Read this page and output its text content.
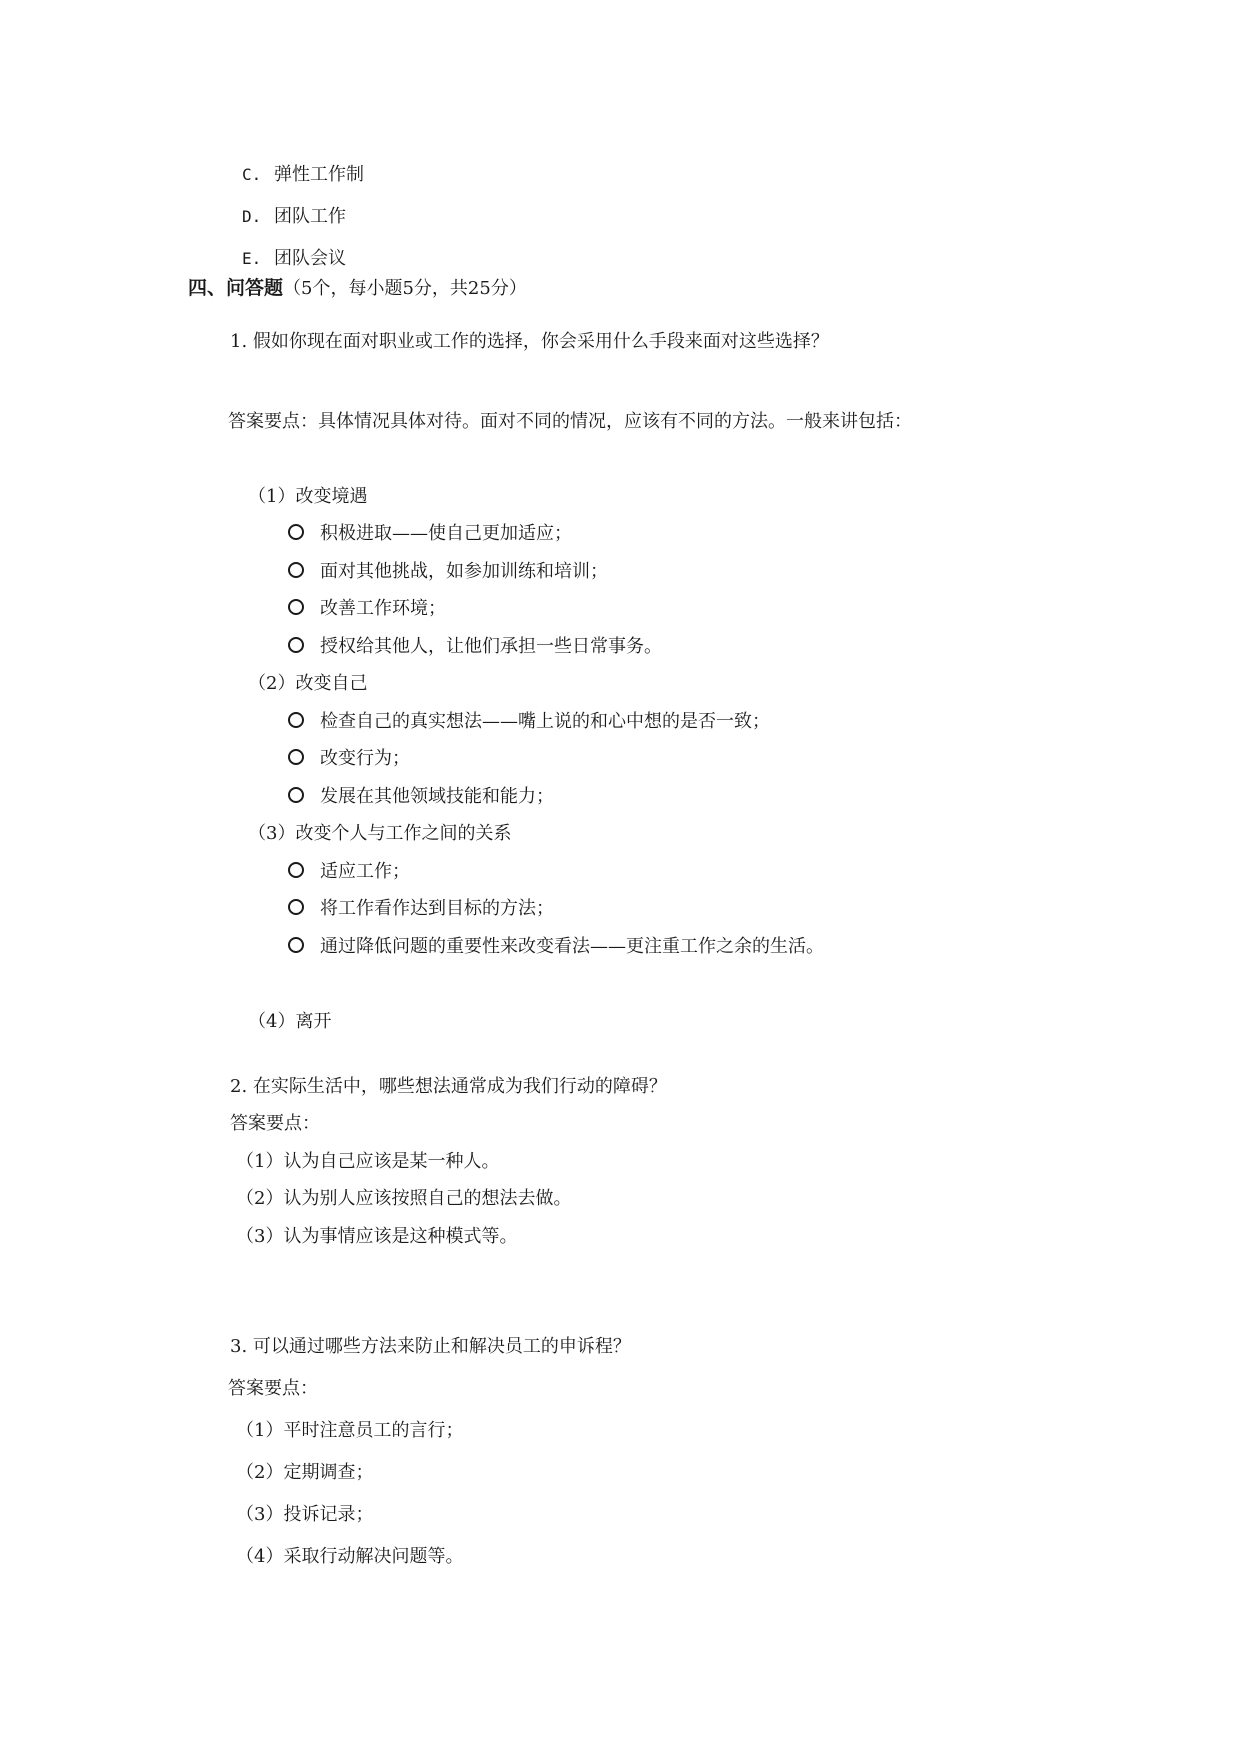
C. 弹性工作制
D. 团队工作
E. 团队会议
四、问答题（5个，每小题5分，共25分）
1. 假如你现在面对职业或工作的选择，你会采用什么手段来面对这些选择？
答案要点：具体情况具体对待。面对不同的情况，应该有不同的方法。一般来讲包括：
（1）改变境遇
积极进取——使自己更加适应；
面对其他挑战，如参加训练和培训；
改善工作环境；
授权给其他人，让他们承担一些日常事务。
（2）改变自己
检查自己的真实想法——嘴上说的和心中想的是否一致；
改变行为；
发展在其他领域技能和能力；
（3）改变个人与工作之间的关系
适应工作；
将工作看作达到目标的方法；
通过降低问题的重要性来改变看法——更注重工作之余的生活。
（4）离开
2. 在实际生活中，哪些想法通常成为我们行动的障碍？
答案要点：
（1）认为自己应该是某一种人。
（2）认为别人应该按照自己的想法去做。
（3）认为事情应该是这种模式等。
3. 可以通过哪些方法来防止和解决员工的申诉程？
答案要点：
（1）平时注意员工的言行；
（2）定期调查；
（3）投诉记录；
（4）采取行动解决问题等。
